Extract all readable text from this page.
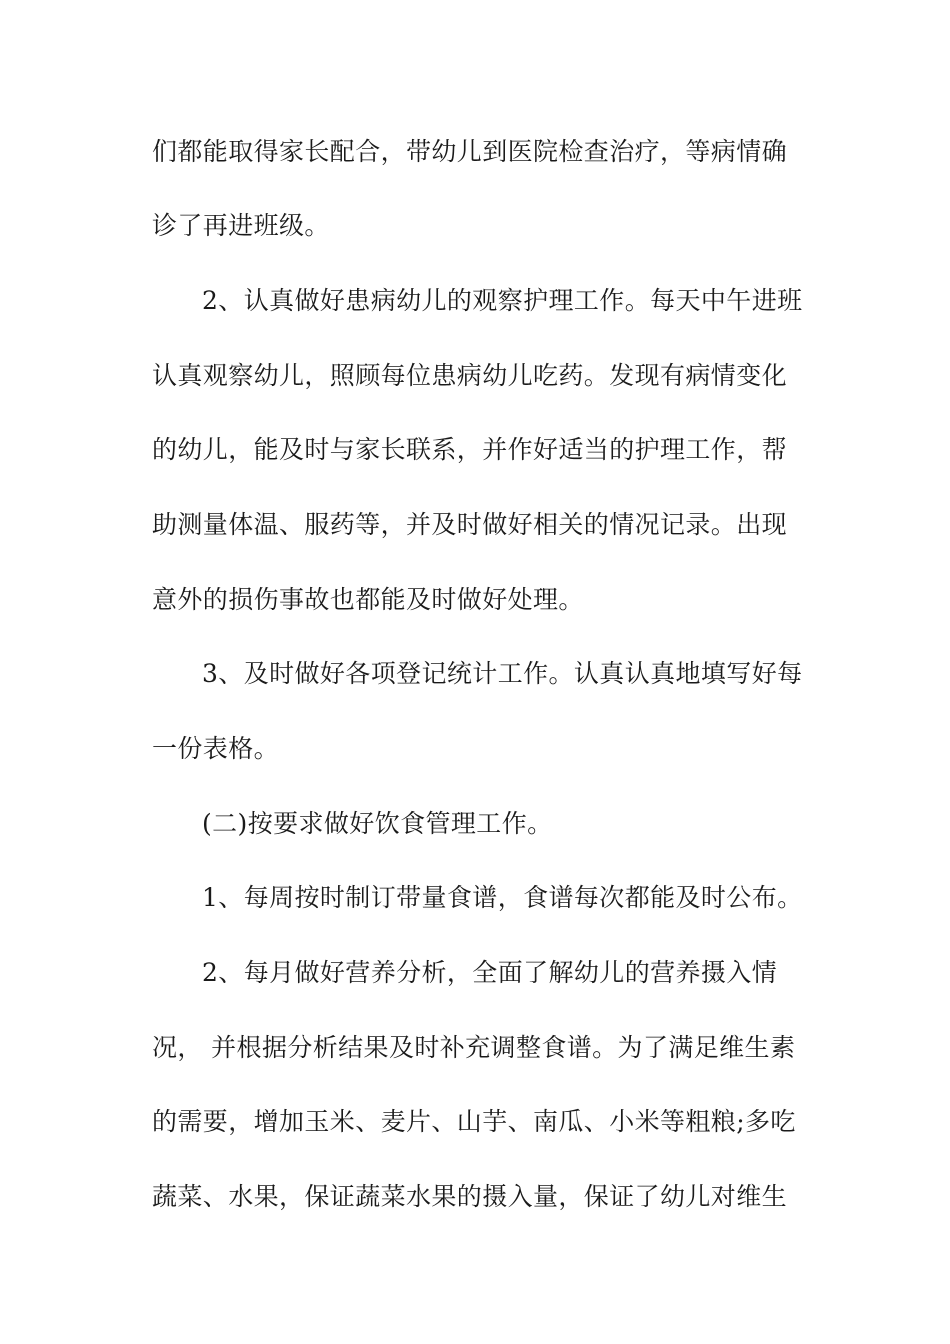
们都能取得家长配合，带幼儿到医院检查治疗，等病情确
诊了再进班级。
2、认真做好患病幼儿的观察护理工作。每天中午进班
认真观察幼儿，照顾每位患病幼儿吃药。发现有病情变化
的幼儿，能及时与家长联系，并作好适当的护理工作，帮
助测量体温、服药等，并及时做好相关的情况记录。出现
意外的损伤事故也都能及时做好处理。
3、及时做好各项登记统计工作。认真认真地填写好每
一份表格。
(二)按要求做好饮食管理工作。
1、每周按时制订带量食谱，食谱每次都能及时公布。
2、每月做好营养分析，全面了解幼儿的营养摄入情
况， 并根据分析结果及时补充调整食谱。为了满足维生素
的需要，增加玉米、麦片、山芋、南瓜、小米等粗粮;多吃
蔬菜、水果，保证蔬菜水果的摄入量，保证了幼儿对维生
